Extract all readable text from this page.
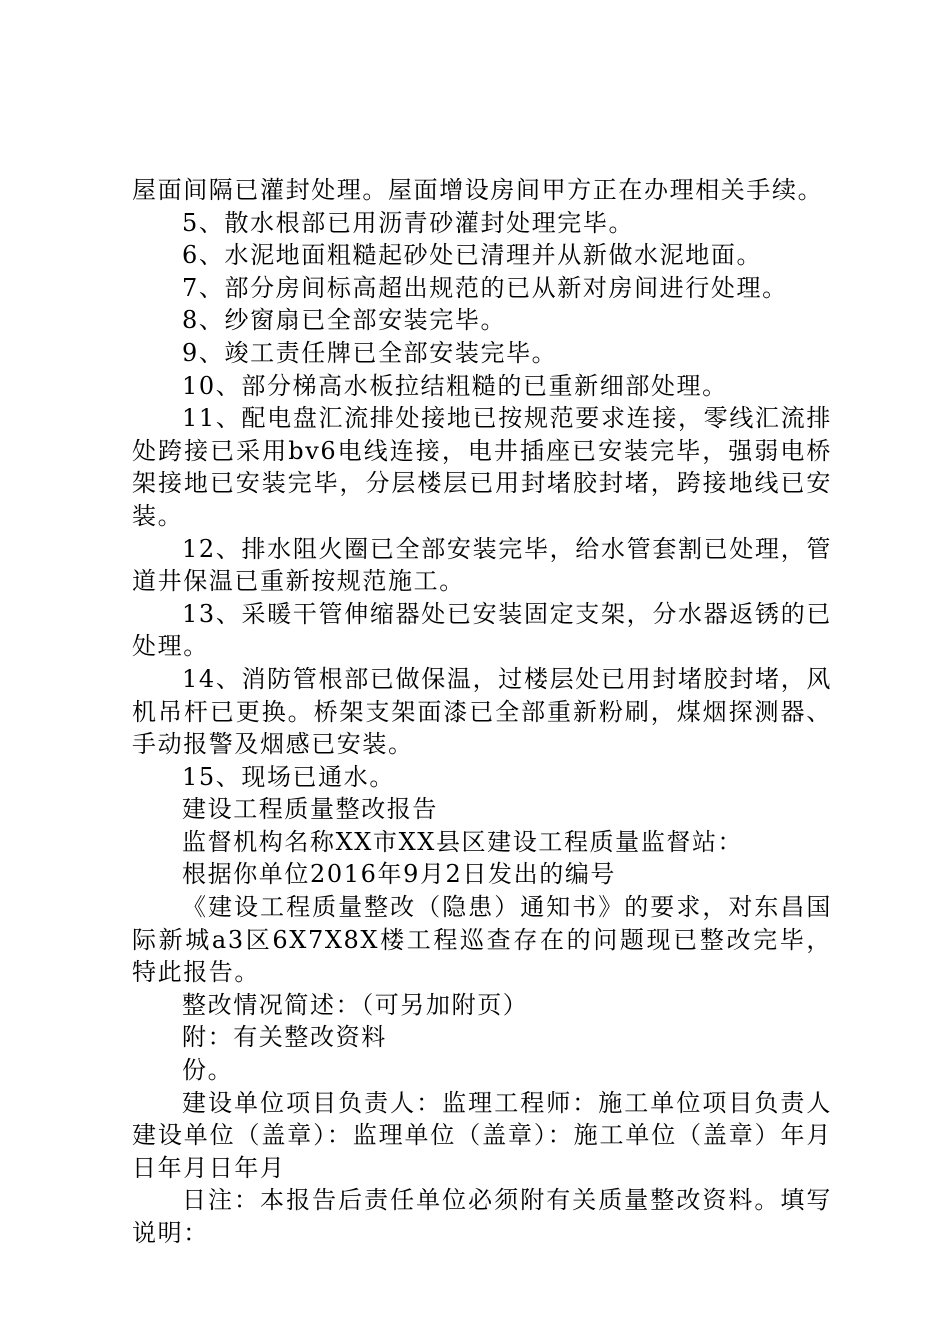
屋面间隔已灌封处理。屋面增设房间甲方正在办理相关手续。

5、散水根部已用沥青砂灌封处理完毕。

6、水泥地面粗糙起砂处已清理并从新做水泥地面。

7、部分房间标高超出规范的已从新对房间进行处理。

8、纱窗扇已全部安装完毕。

9、竣工责任牌已全部安装完毕。

10、部分梯高水板拉结粗糙的已重新细部处理。

11、配电盘汇流排处接地已按规范要求连接，零线汇流排处跨接已采用bv6电线连接，电井插座已安装完毕，强弱电桥架接地已安装完毕，分层楼层已用封堵胶封堵，跨接地线已安装。

12、排水阻火圈已全部安装完毕，给水管套割已处理，管道井保温已重新按规范施工。

13、采暖干管伸缩器处已安装固定支架，分水器返锈的已处理。

14、消防管根部已做保温，过楼层处已用封堵胶封堵，风机吊杆已更换。桥架支架面漆已全部重新粉刷，煤烟探测器、手动报警及烟感已安装。

15、现场已通水。

建设工程质量整改报告

监督机构名称XX市XX县区建设工程质量监督站：

根据你单位2016年9月2日发出的编号

《建设工程质量整改（隐患）通知书》的要求，对东昌国际新城a3区6X7X8X楼工程巡查存在的问题现已整改完毕，特此报告。

整改情况简述：（可另加附页）

附：有关整改资料

份。

建设单位项目负责人：监理工程师：施工单位项目负责人建设单位（盖章）：监理单位（盖章）：施工单位（盖章）年月日年月日年月

日注：本报告后责任单位必须附有关质量整改资料。填写说明：
